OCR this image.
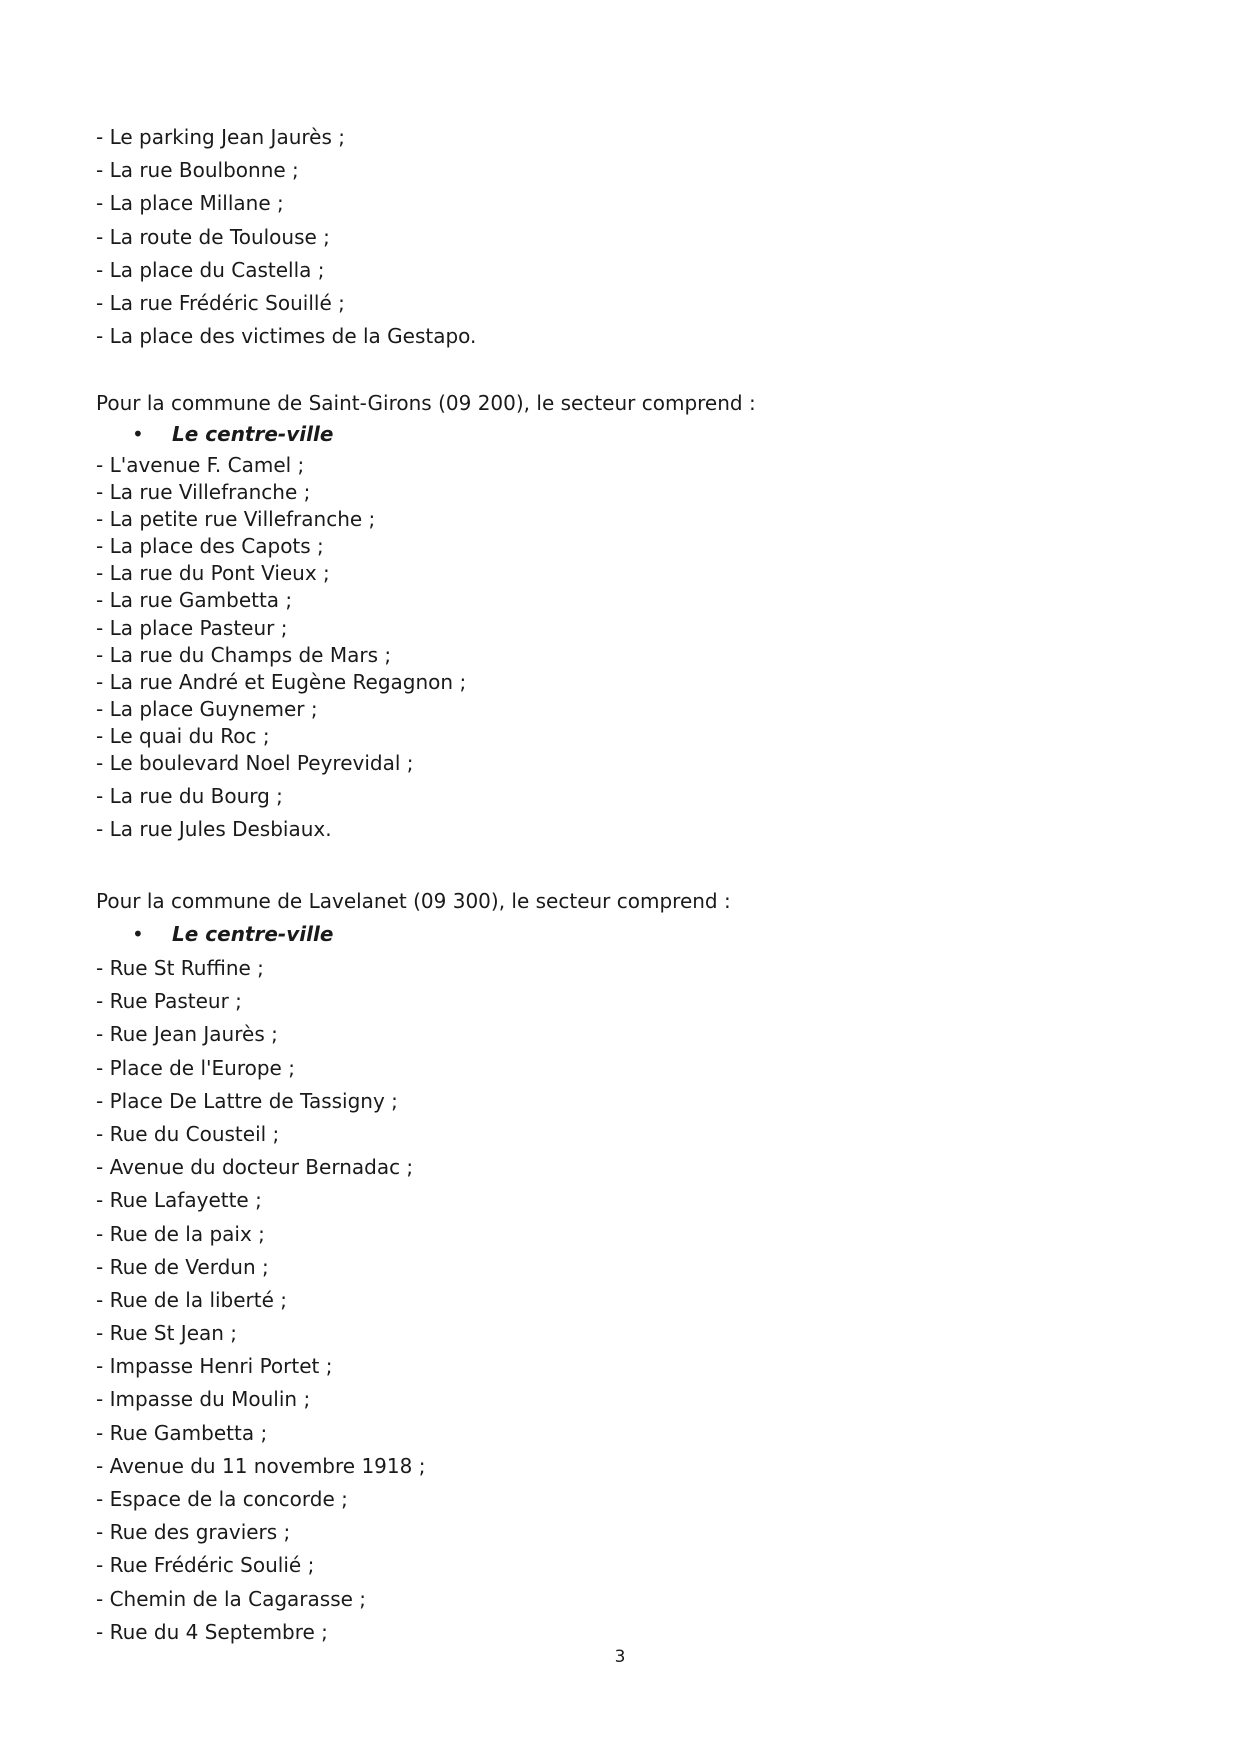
- Le parking Jean Jaurès ;
- La rue Boulbonne ;
- La place Millane ;
- La route de Toulouse ;
- La place du Castella ;
- La rue Frédéric Souillé ;
- La place des victimes de la Gestapo.

Pour la commune de Saint-Girons (09 200), le secteur comprend :

• Le centre-ville

- L'avenue F. Camel ;
- La rue Villefranche ;
- La petite rue Villefranche ;
- La place des Capots ;
- La rue du Pont Vieux ;
- La rue Gambetta ;
- La place Pasteur ;
- La rue du Champs de Mars ;
- La rue André et Eugène Regagnon ;
- La place Guynemer ;
- Le quai du Roc ;
- Le boulevard Noel Peyrevidal ;
- La rue du Bourg ;
- La rue Jules Desbiaux.

Pour la commune de Lavelanet (09 300), le secteur comprend :

• Le centre-ville

- Rue St Ruffine ;
- Rue Pasteur ;
- Rue Jean Jaurès ;
- Place de l'Europe ;
- Place De Lattre de Tassigny ;
- Rue du Cousteil ;
- Avenue du docteur Bernadac ;
- Rue Lafayette ;
- Rue de la paix ;
- Rue de Verdun ;
- Rue de la liberté ;
- Rue St Jean ;
- Impasse Henri Portet ;
- Impasse du Moulin ;
- Rue Gambetta ;
- Avenue du 11 novembre 1918 ;
- Espace de la concorde ;
- Rue des graviers ;
- Rue Frédéric Soulié ;
- Chemin de la Cagarasse ;
- Rue du 4 Septembre ;

3
